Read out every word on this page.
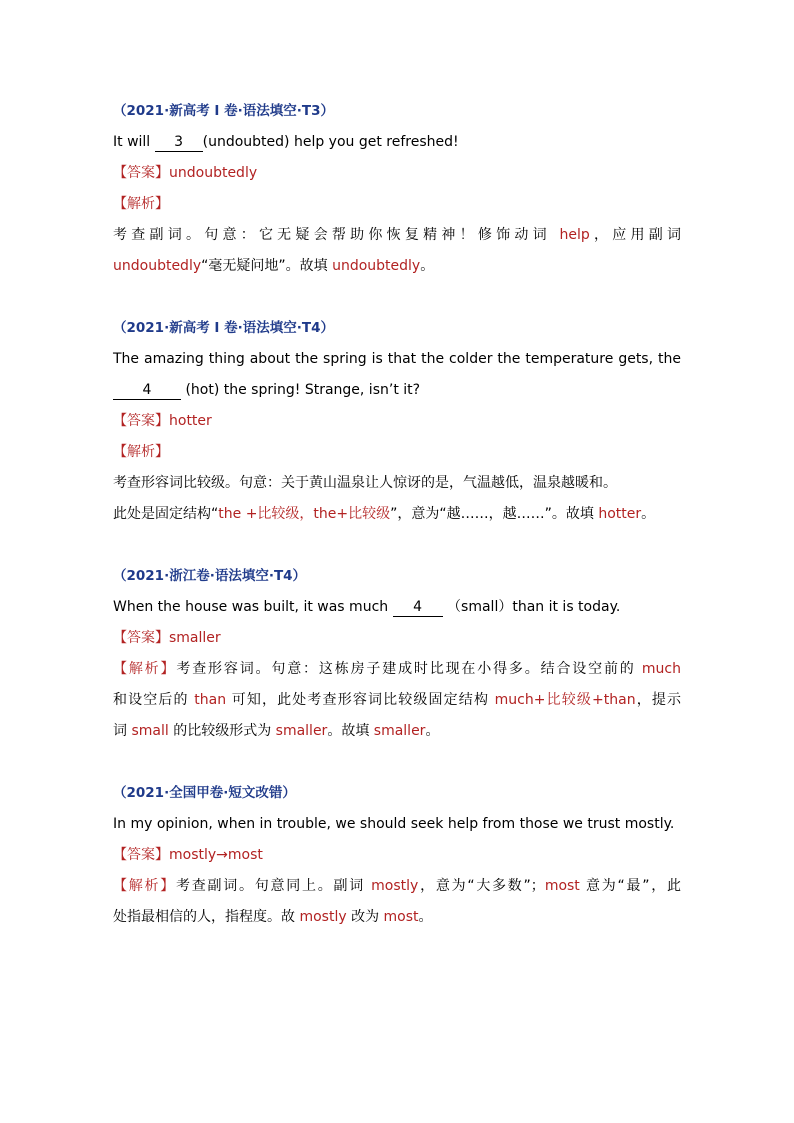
（2021·新高考 I 卷·语法填空·T3）
It will 3 (undoubted) help you get refreshed!
【答案】undoubtedly
【解析】
考查副词。句意：它无疑会帮助你恢复精神！修饰动词 help，应用副词
undoubtedly“毫无疑问地”。故填 undoubtedly。
（2021·新高考 I 卷·语法填空·T4）
The amazing thing about the spring is that the colder the temperature gets, the
4 (hot) the spring! Strange, isn’t it?
【答案】hotter
【解析】
考查形容词比较级。句意：关于黄山温泉让人惊讶的是，气温越低，温泉越暖和。
此处是固定结构“the +比较级，the+比较级”，意为“越……，越……”。故填 hotter。
（2021·浙江卷·语法填空·T4）
When the house was built, it was much 4 （small）than it is today.
【答案】smaller
【解析】考查形容词。句意：这栋房子建成时比现在小得多。结合设空前的 much
和设空后的 than 可知，此处考查形容词比较级固定结构 much+比较级+than，提示
词 small 的比较级形式为 smaller。故填 smaller。
（2021·全国甲卷·短文改错）
In my opinion, when in trouble, we should seek help from those we trust mostly.
【答案】mostly→most
【解析】考查副词。句意同上。副词 mostly，意为“大多数”；most 意为“最”，此
处指最相信的人，指程度。故 mostly 改为 most。
